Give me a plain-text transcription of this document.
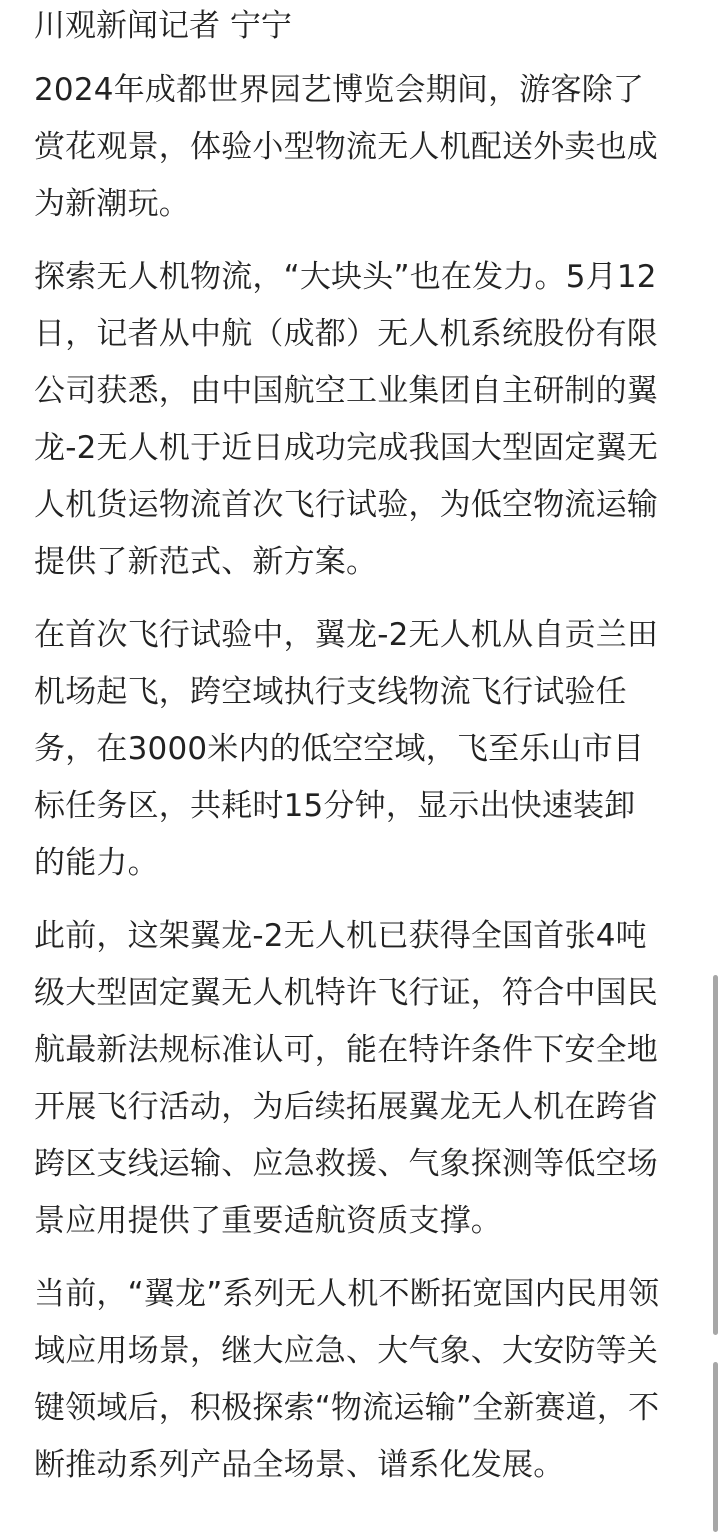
川观新闻记者 宁宁
2024年成都世界园艺博览会期间，游客除了
赏花观景，体验小型物流无人机配送外卖也成
为新潮玩。
探索无人机物流，“大块头”也在发力。5月12
日，记者从中航（成都）无人机系统股份有限
公司获悉，由中国航空工业集团自主研制的翼
龙-2无人机于近日成功完成我国大型固定翼无
人机货运物流首次飞行试验，为低空物流运输
提供了新范式、新方案。
在首次飞行试验中，翼龙-2无人机从自贡兰田
机场起飞，跨空域执行支线物流飞行试验任
务，在3000米内的低空空域，飞至乐山市目
标任务区，共耗时15分钟，显示出快速装卸
的能力。
此前，这架翼龙-2无人机已获得全国首张4吨
级大型固定翼无人机特许飞行证，符合中国民
航最新法规标准认可，能在特许条件下安全地
开展飞行活动，为后续拓展翼龙无人机在跨省
跨区支线运输、应急救援、气象探测等低空场
景应用提供了重要适航资质支撑。
当前，“翼龙”系列无人机不断拓宽国内民用领
域应用场景，继大应急、大气象、大安防等关
键领域后，积极探索“物流运输”全新赛道，不
断推动系列产品全场景、谱系化发展。
